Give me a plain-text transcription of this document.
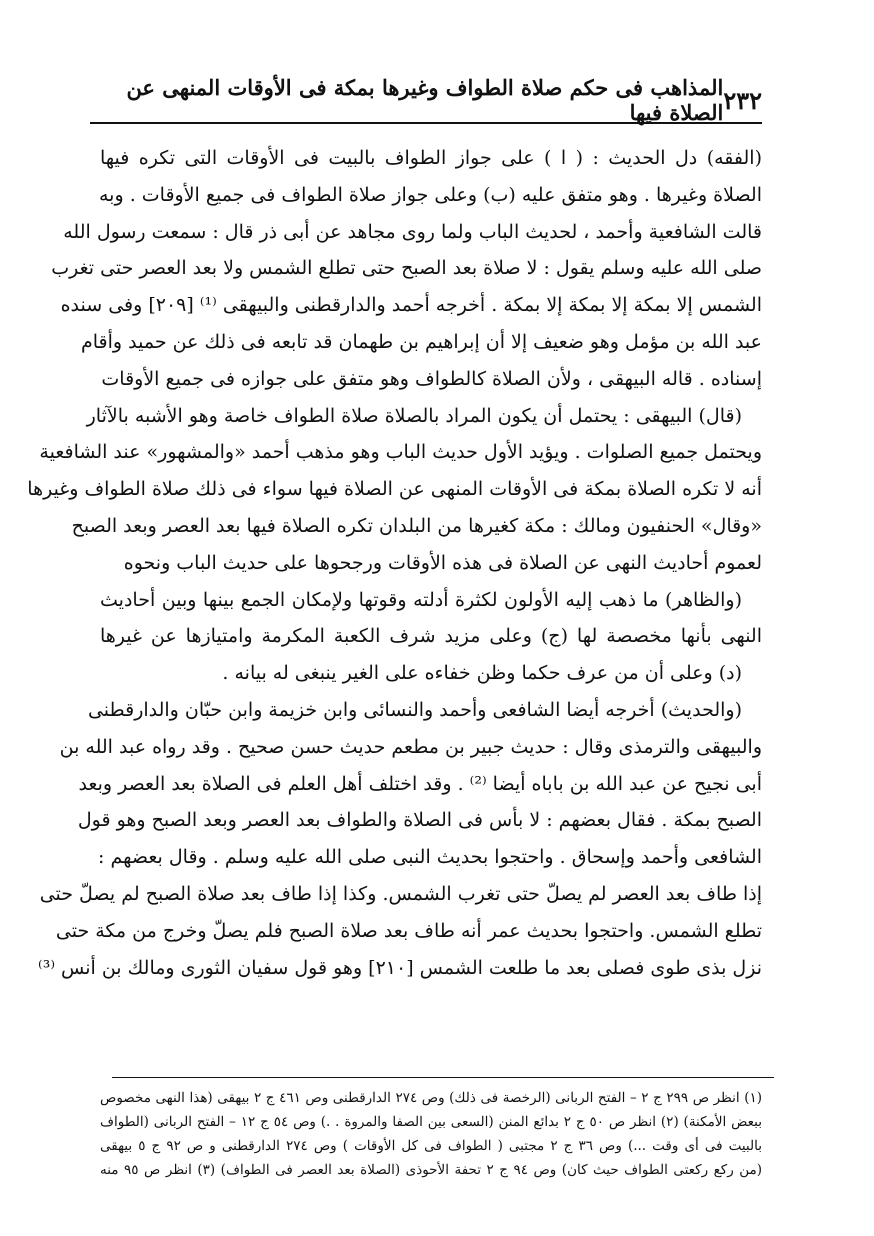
٢٣٢
المذاهب فى حكم صلاة الطواف وغيرها بمكة فى الأوقات المنهى عن الصلاة فيها

(الفقه) دل الحديث : ( ا ) على جواز الطواف بالبيت فى الأوقات التى تكره فيها
الصلاة وغيرها . وهو متفق عليه (ب) وعلى جواز صلاة الطواف فى جميع الأوقات . وبه
قالت الشافعية وأحمد ، لحديث الباب ولما روى مجاهد عن أبى ذر قال : سمعت رسول الله
صلى الله عليه وسلم يقول : لا صلاة بعد الصبح حتى تطلع الشمس ولا بعد العصر حتى تغرب
الشمس إلا بمكة إلا بمكة إلا بمكة . أخرجه أحمد والدارقطنى والبيهقى ⁽¹⁾ [٢٠٩] وفى سنده
عبد الله بن مؤمل وهو ضعيف إلا أن إبراهيم بن طهمان قد تابعه فى ذلك عن حميد وأقام
إسناده . قاله البيهقى ، ولأن الصلاة كالطواف وهو متفق على جوازه فى جميع الأوقات

(قال) البيهقى : يحتمل أن يكون المراد بالصلاة صلاة الطواف خاصة وهو الأشبه بالآثار
ويحتمل جميع الصلوات . ويؤيد الأول حديث الباب وهو مذهب أحمد «والمشهور» عند الشافعية
أنه لا تكره الصلاة بمكة فى الأوقات المنهى عن الصلاة فيها سواء فى ذلك صلاة الطواف وغيرها

«وقال» الحنفيون ومالك : مكة كغيرها من البلدان تكره الصلاة فيها بعد العصر وبعد الصبح
لعموم أحاديث النهى عن الصلاة فى هذه الأوقات ورجحوها على حديث الباب ونحوه

(والظاهر) ما ذهب إليه الأولون لكثرة أدلته وقوتها ولإمكان الجمع بينها وبين أحاديث
النهى بأنها مخصصة لها (ج) وعلى مزيد شرف الكعبة المكرمة وامتيازها عن غيرها
(د) وعلى أن من عرف حكما وظن خفاءه على الغير ينبغى له بيانه .

(والحديث) أخرجه أيضا الشافعى وأحمد والنسائى وابن خزيمة وابن حبّان والدارقطنى
والبيهقى والترمذى وقال : حديث جبير بن مطعم حديث حسن صحيح . وقد رواه عبد الله بن
أبى نجيح عن عبد الله بن باباه أيضا ⁽²⁾ . وقد اختلف أهل العلم فى الصلاة بعد العصر وبعد
الصبح بمكة . فقال بعضهم : لا بأس فى الصلاة والطواف بعد العصر وبعد الصبح وهو قول
الشافعى وأحمد وإسحاق . واحتجوا بحديث النبى صلى الله عليه وسلم . وقال بعضهم :
إذا طاف بعد العصر لم يصلّ حتى تغرب الشمس. وكذا إذا طاف بعد صلاة الصبح لم يصلّ حتى
تطلع الشمس. واحتجوا بحديث عمر أنه طاف بعد صلاة الصبح فلم يصلّ وخرج من مكة حتى
نزل بذى طوى فصلى بعد ما طلعت الشمس [٢١٠] وهو قول سفيان الثورى ومالك بن أنس ⁽³⁾

(١) انظر ص ٢٩٩ ج ٢ – الفتح الربانى (الرخصة فى ذلك) وص ٢٧٤ الدارقطنى وص ٤٦١ ج ٢ بيهقى (هذا النهى مخصوص
ببعض الأمكنة) (٢) انظر ص ٥٠ ج ٢ بدائع المنن (السعى بين الصفا والمروة . .) وص ٥٤ ج ١٢ – الفتح الربانى (الطواف
بالبيت فى أى وقت ...) وص ٣٦ ج ٢ مجتبى ( الطواف فى كل الأوقات ) وص ٢٧٤ الدارقطنى و ص ٩٢ ج ٥ بيهقى
(من ركع ركعتى الطواف حيث كان) وص ٩٤ ج ٢ تحفة الأحوذى (الصلاة بعد العصر فى الطواف) (٣) انظر ص ٩٥ منه
